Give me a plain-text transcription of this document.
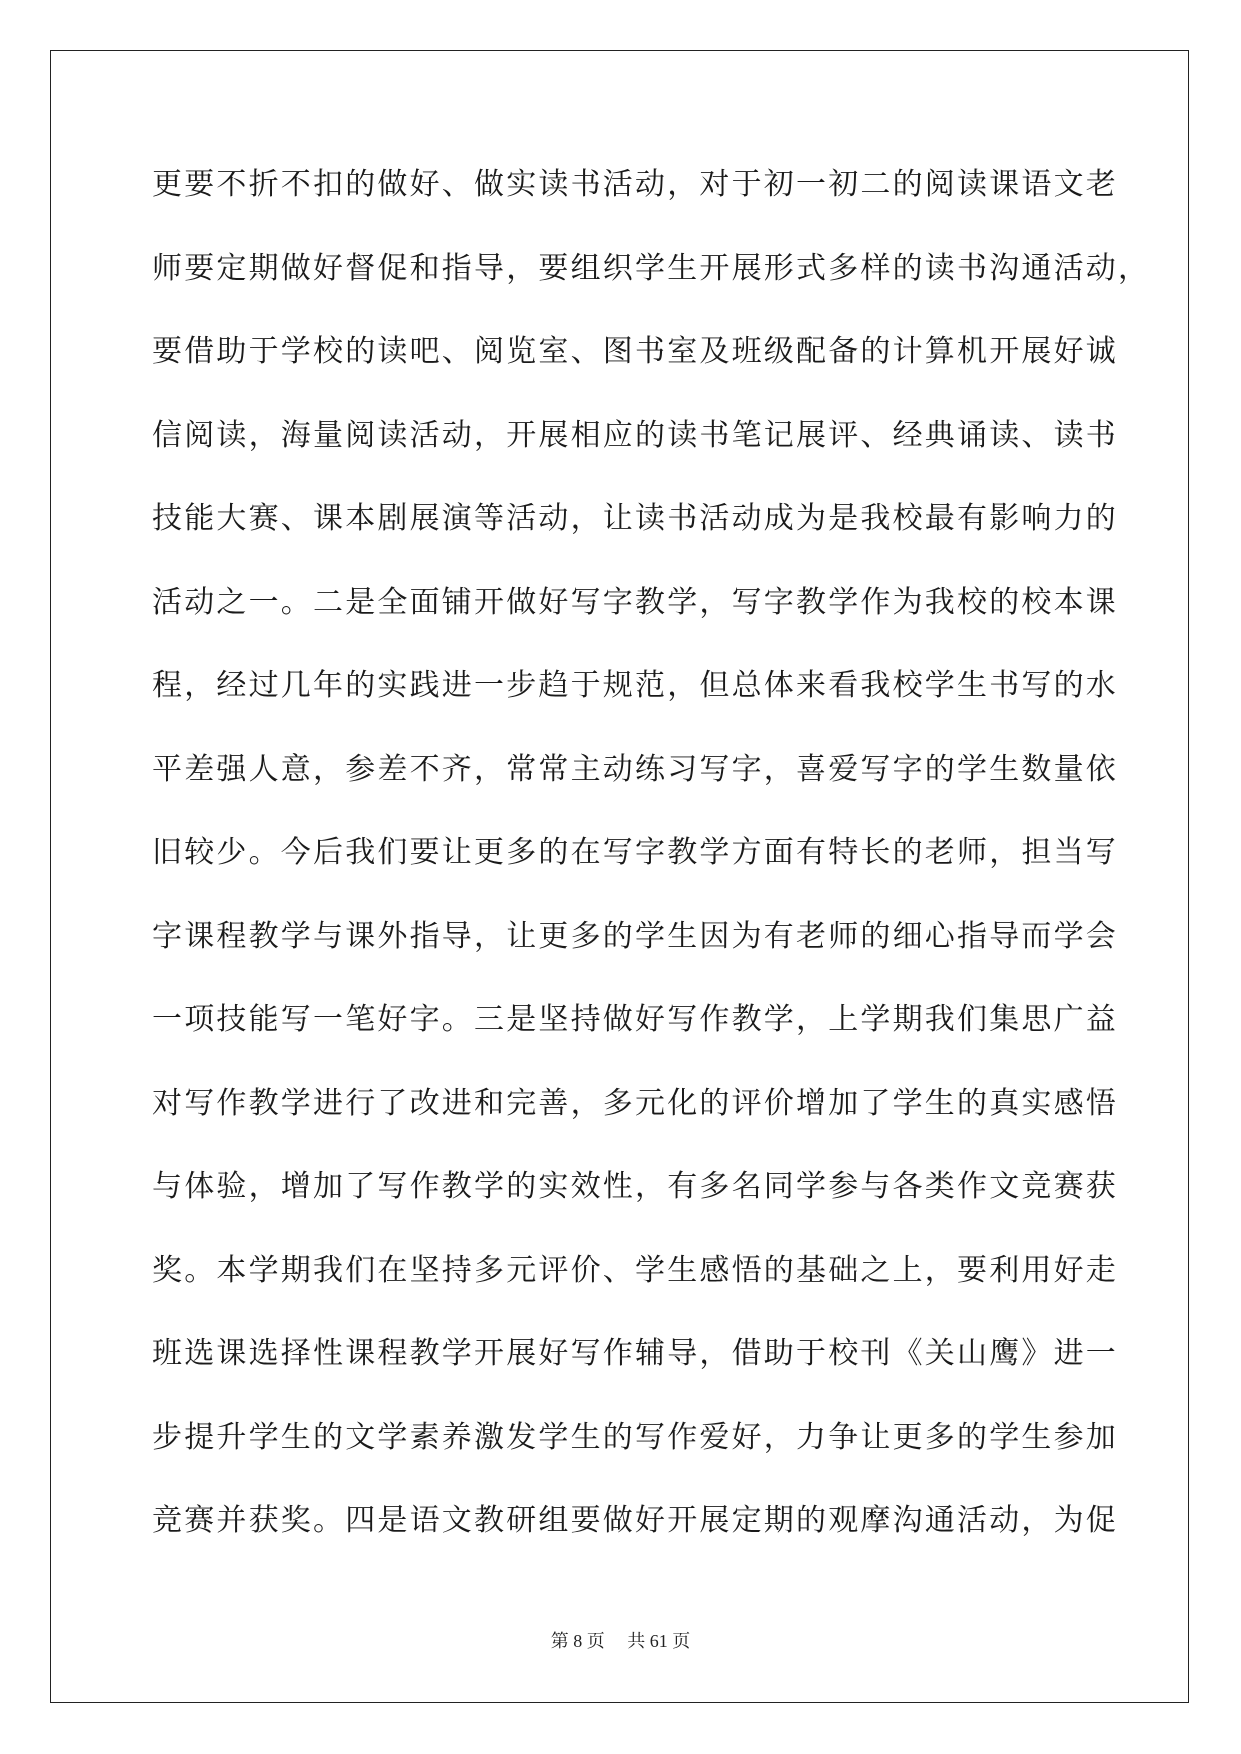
更要不折不扣的做好、做实读书活动，对于初一初二的阅读课语文老
师要定期做好督促和指导，要组织学生开展形式多样的读书沟通活动，
要借助于学校的读吧、阅览室、图书室及班级配备的计算机开展好诚
信阅读，海量阅读活动，开展相应的读书笔记展评、经典诵读、读书
技能大赛、课本剧展演等活动，让读书活动成为是我校最有影响力的
活动之一。二是全面铺开做好写字教学，写字教学作为我校的校本课
程，经过几年的实践进一步趋于规范，但总体来看我校学生书写的水
平差强人意，参差不齐，常常主动练习写字，喜爱写字的学生数量依
旧较少。今后我们要让更多的在写字教学方面有特长的老师，担当写
字课程教学与课外指导，让更多的学生因为有老师的细心指导而学会
一项技能写一笔好字。三是坚持做好写作教学，上学期我们集思广益
对写作教学进行了改进和完善，多元化的评价增加了学生的真实感悟
与体验，增加了写作教学的实效性，有多名同学参与各类作文竞赛获
奖。本学期我们在坚持多元评价、学生感悟的基础之上，要利用好走
班选课选择性课程教学开展好写作辅导，借助于校刊《关山鹰》进一
步提升学生的文学素养激发学生的写作爱好，力争让更多的学生参加
竞赛并获奖。四是语文教研组要做好开展定期的观摩沟通活动，为促
第 8 页　 共 61 页
